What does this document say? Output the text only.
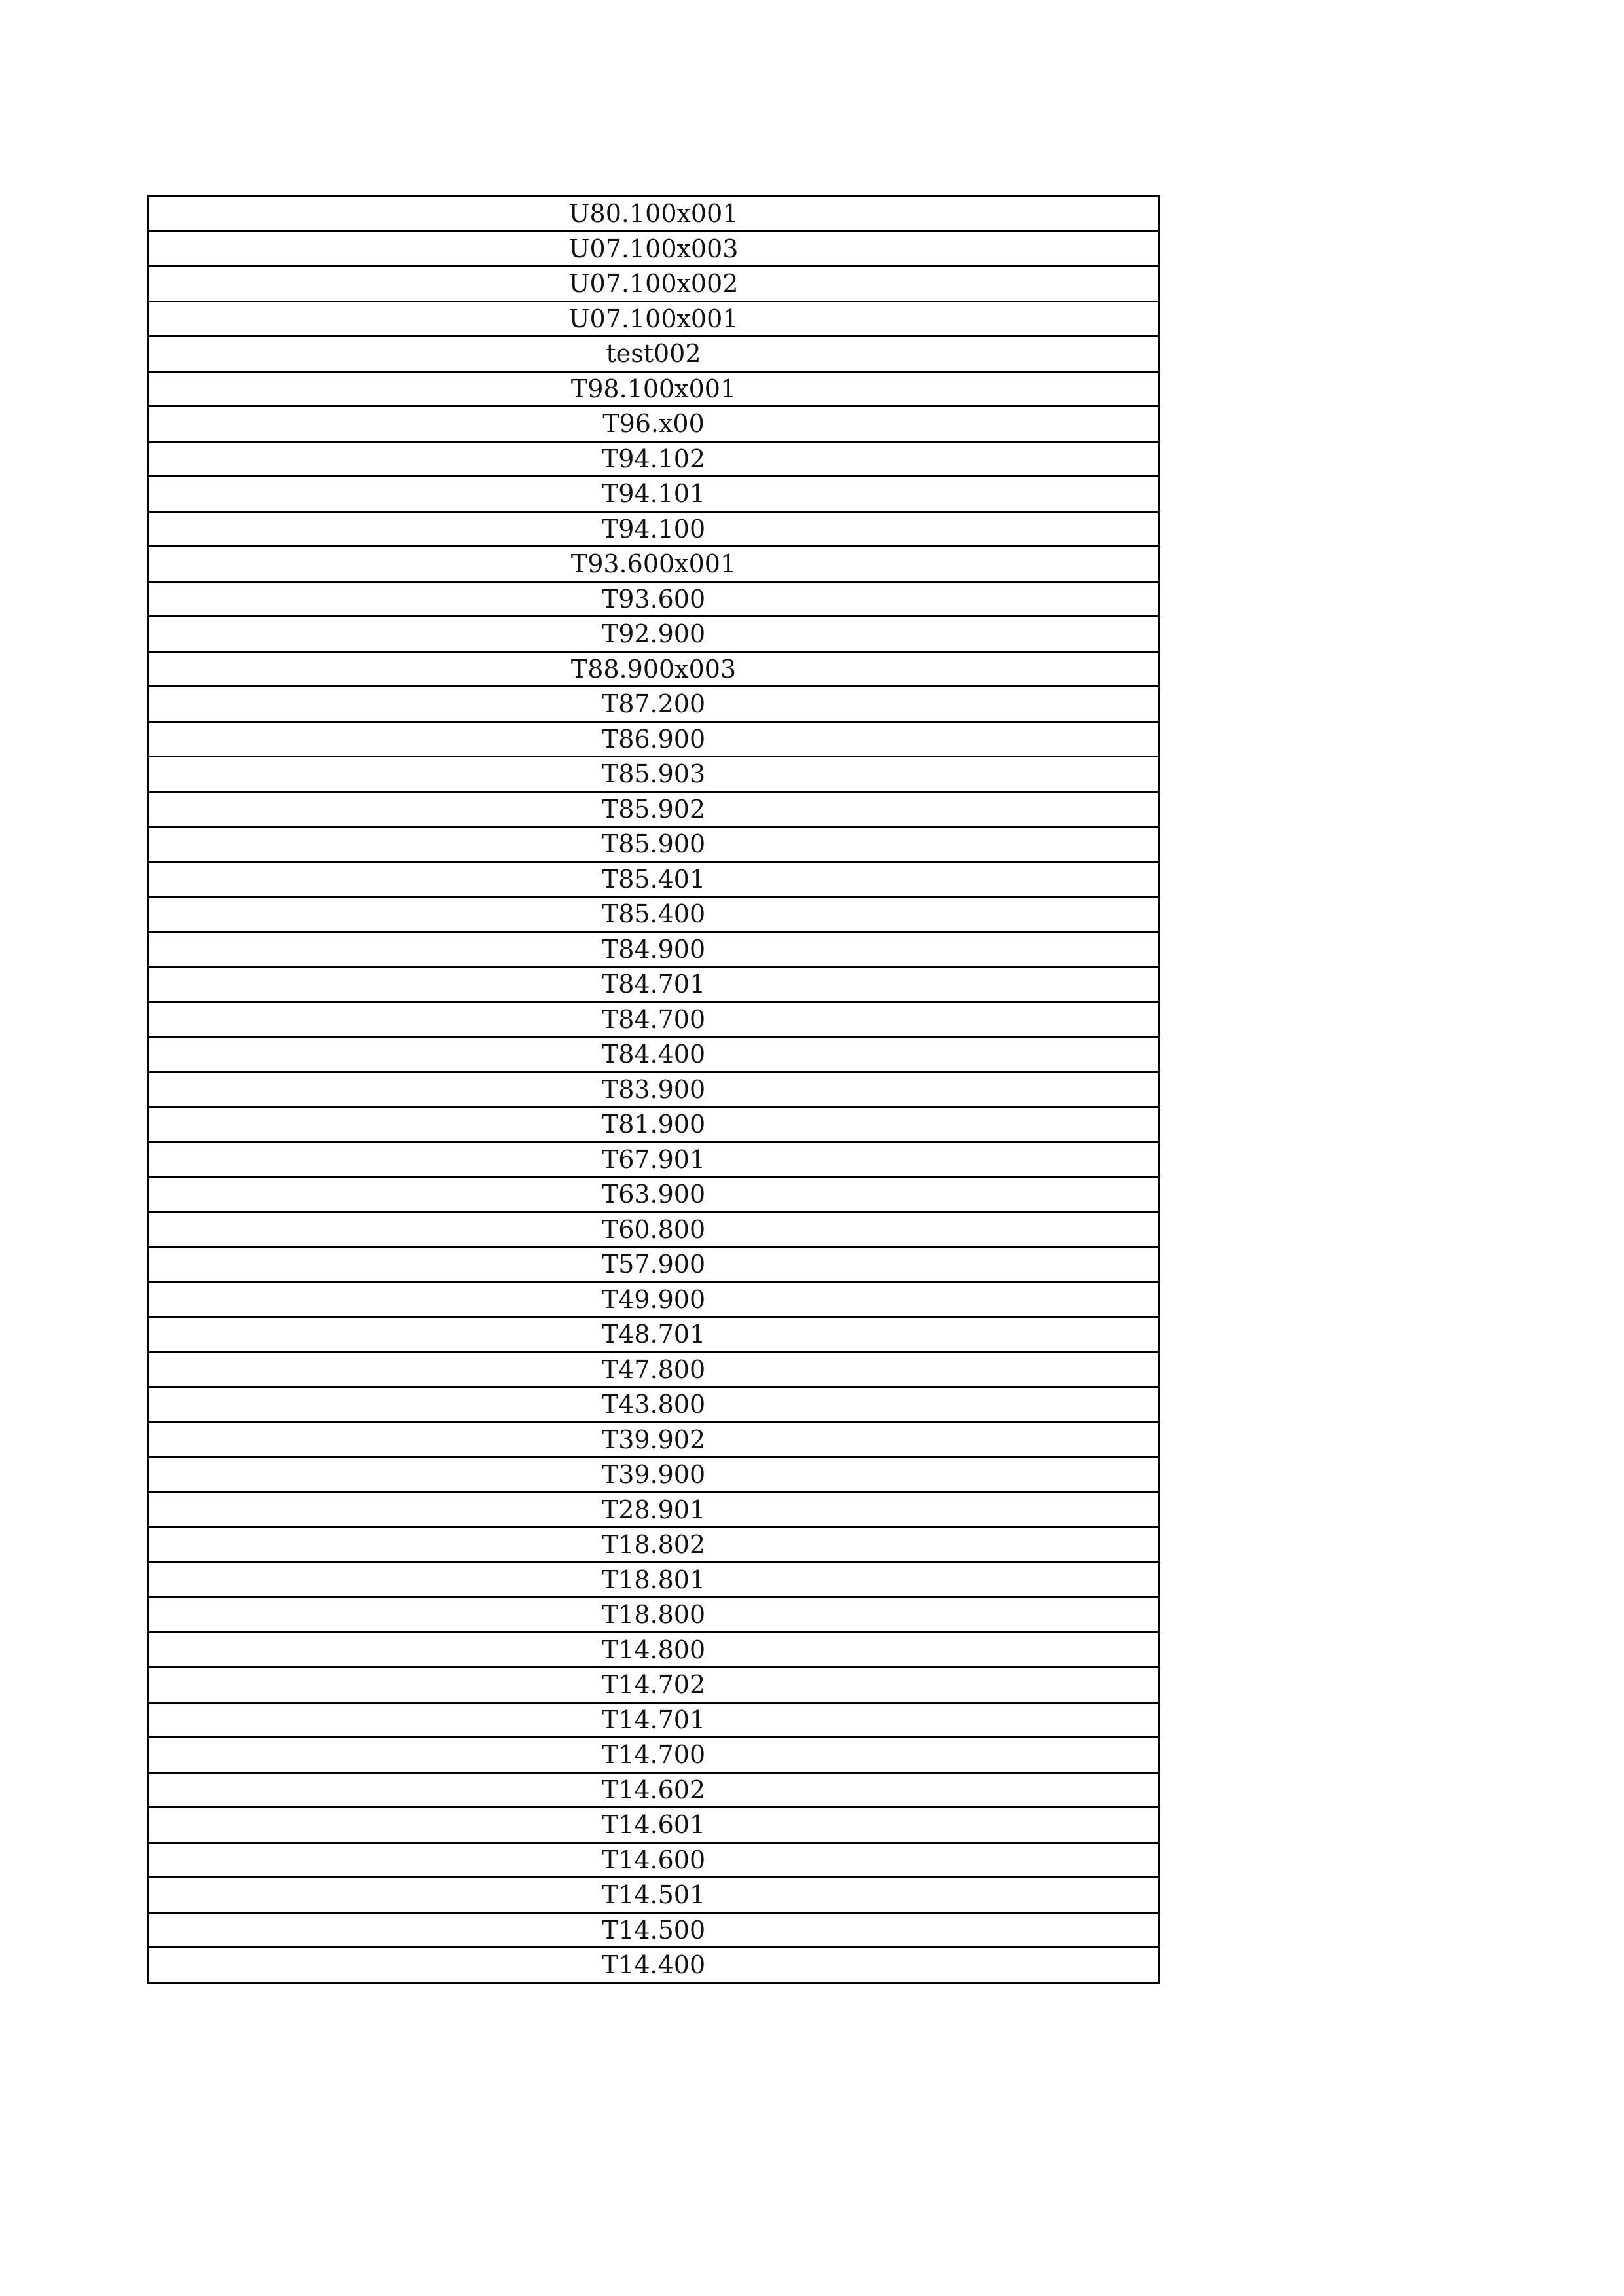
U80.100x001
U07.100x003
U07.100x002
U07.100x001
test002
T98.100x001
T96.x00
T94.102
T94.101
T94.100
T93.600x001
T93.600
T92.900
T88.900x003
T87.200
T86.900
T85.903
T85.902
T85.900
T85.401
T85.400
T84.900
T84.701
T84.700
T84.400
T83.900
T81.900
T67.901
T63.900
T60.800
T57.900
T49.900
T48.701
T47.800
T43.800
T39.902
T39.900
T28.901
T18.802
T18.801
T18.800
T14.800
T14.702
T14.701
T14.700
T14.602
T14.601
T14.600
T14.501
T14.500
T14.400
